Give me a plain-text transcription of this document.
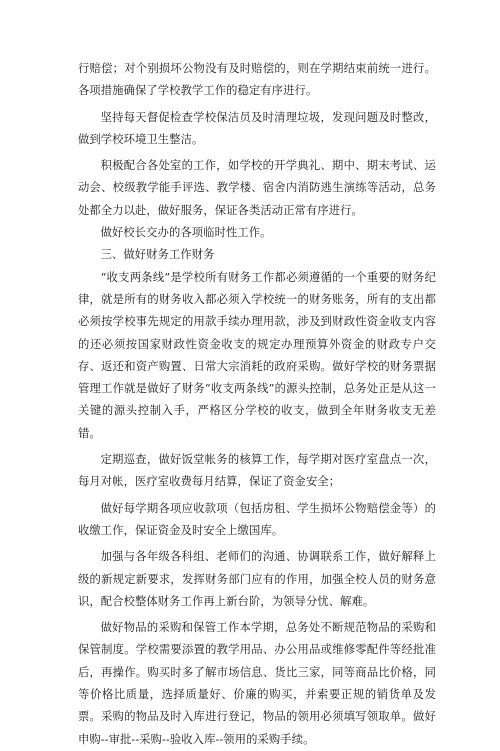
行赔偿；对个别损坏公物没有及时赔偿的，则在学期结束前统一进行。各项措施确保了学校教学工作的稳定有序进行。

坚持每天督促检查学校保洁员及时清理垃圾，发现问题及时整改，做到学校环境卫生整洁。

积极配合各处室的工作，如学校的开学典礼、期中、期末考试、运动会、校级教学能手评选、教学楼、宿舍内消防逃生演练等活动，总务处都全力以赴，做好服务，保证各类活动正常有序进行。

做好校长交办的各项临时性工作。

三、做好财务工作财务

“收支两条线”是学校所有财务工作都必须遵循的一个重要的财务纪律，就是所有的财务收入都必须入学校统一的财务账务，所有的支出都必须按学校事先规定的用款手续办理用款，涉及到财政性资金收支内容的还必须按国家财政性资金收支的规定办理预算外资金的财政专户交存、返还和资产购置、日常大宗消耗的政府采购。做好学校的财务票据管理工作就是做好了财务“收支两条线”的源头控制，总务处正是从这一关键的源头控制入手，严格区分学校的收支，做到全年财务收支无差错。

定期巡查，做好饭堂帐务的核算工作，每学期对医疗室盘点一次，每月对帐，医疗室收费每月结算，保证了资金安全；

做好每学期各项应收款项（包括房租、学生损坏公物赔偿金等）的收缴工作，保证资金及时安全上缴国库。

加强与各年级各科组、老师们的沟通、协调联系工作，做好解释上级的新规定新要求，发挥财务部门应有的作用，加强全校人员的财务意识，配合校整体财务工作再上新台阶，为领导分忧、解难。

做好物品的采购和保管工作本学期，总务处不断规范物品的采购和保管制度。学校需要添置的教学用品、办公用品或维修零配件等经批准后，再操作。购买时多了解市场信息、货比三家，同等商品比价格，同等价格比质量，选择质量好、价廉的购买，并索要正规的销货单及发票。采购的物品及时入库进行登记，物品的领用必须填写领取单。做好申购--审批--采购--验收入库--领用的采购手续。
